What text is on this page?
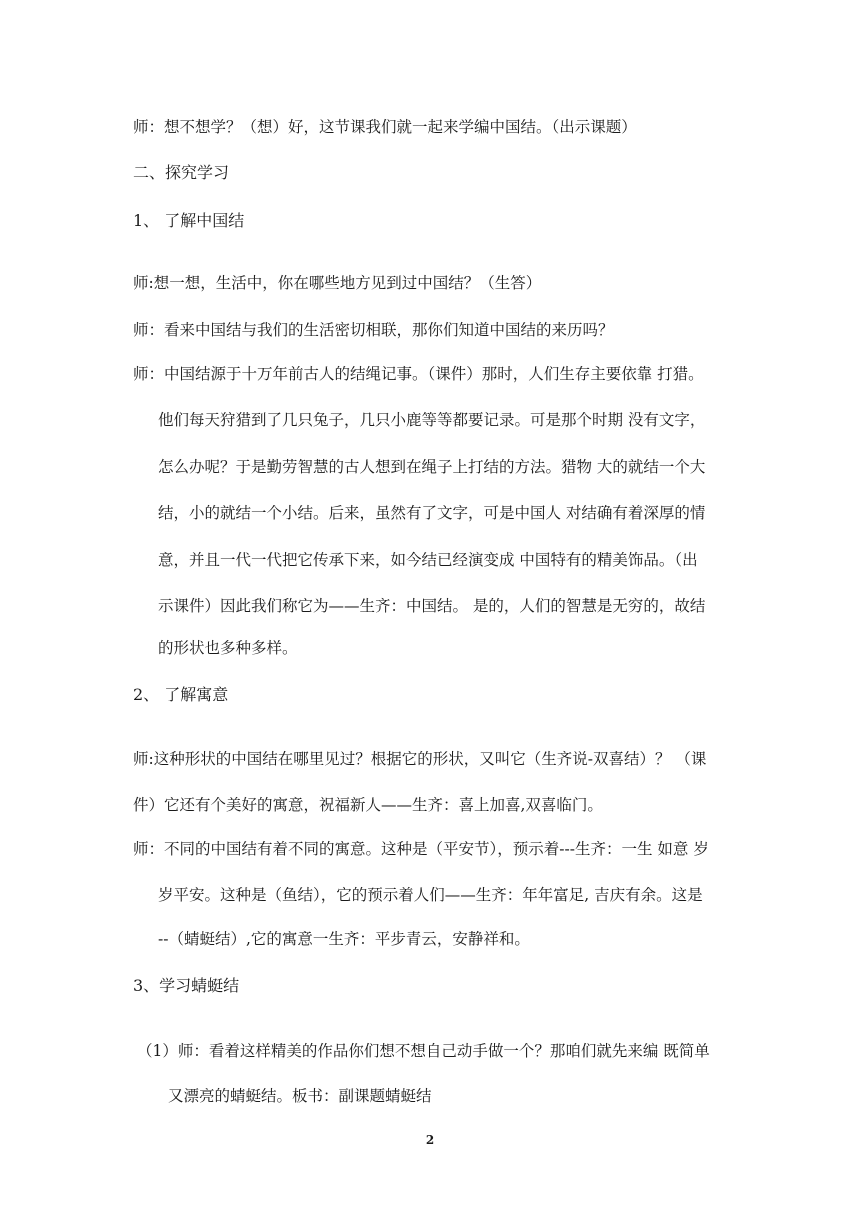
师：想不想学？（想）好，这节课我们就一起来学编中国结。（出示课题）
二、探究学习
1、 了解中国结
师:想一想，生活中，你在哪些地方见到过中国结？（生答）
师：看来中国结与我们的生活密切相联，那你们知道中国结的来历吗？
师：中国结源于十万年前古人的结绳记事。（课件）那时，人们生存主要依靠 打猎。
他们每天狩猎到了几只兔子，几只小鹿等等都要记录。可是那个时期 没有文字，
怎么办呢？于是勤劳智慧的古人想到在绳子上打结的方法。猎物 大的就结一个大
结，小的就结一个小结。后来，虽然有了文字，可是中国人 对结确有着深厚的情
意，并且一代一代把它传承下来，如今结已经演变成 中国特有的精美饰品。（出
示课件）因此我们称它为——生齐：中国结。 是的，人们的智慧是无穷的，故结
的形状也多种多样。
2、 了解寓意
师:这种形状的中国结在哪里见过？根据它的形状，又叫它（生齐说-双喜结）？ （课
件）它还有个美好的寓意，祝福新人——生齐：喜上加喜,双喜临门。
师：不同的中国结有着不同的寓意。这种是（平安节），预示着---生齐：一生 如意 岁
岁平安。这种是（鱼结），它的预示着人们——生齐：年年富足, 吉庆有余。这是
--（蜻蜓结）,它的寓意一生齐：平步青云，安静祥和。
3、学习蜻蜓结
（1）师：看着这样精美的作品你们想不想自己动手做一个？那咱们就先来编 既简单
又漂亮的蜻蜓结。板书：副课题蜻蜓结
2
